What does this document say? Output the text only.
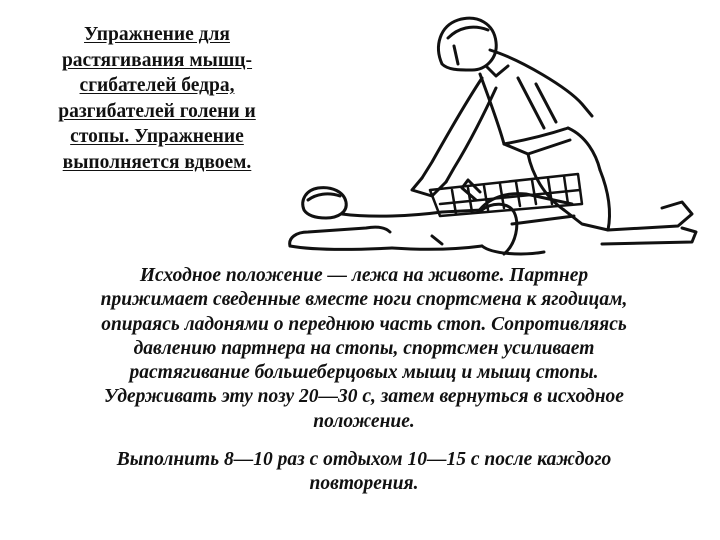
Упражнение для
растягивания мышц-
сгибателей бедра,
разгибателей голени и
стопы. Упражнение
выполняется вдвоем.
Исходное положение — лежа на животе. Партнер
прижимает сведенные вместе ноги спортсмена к ягодицам,
опираясь ладонями о переднюю часть стоп. Сопротивляясь
давлению партнера на стопы, спортсмен усиливает
растягивание большеберцовых мышц и мышц стопы.
Удерживать эту позу 20—30 с, затем вернуться в исходное
положение.
Выполнить 8—10 раз с отдыхом 10—15 с после каждого
повторения.
